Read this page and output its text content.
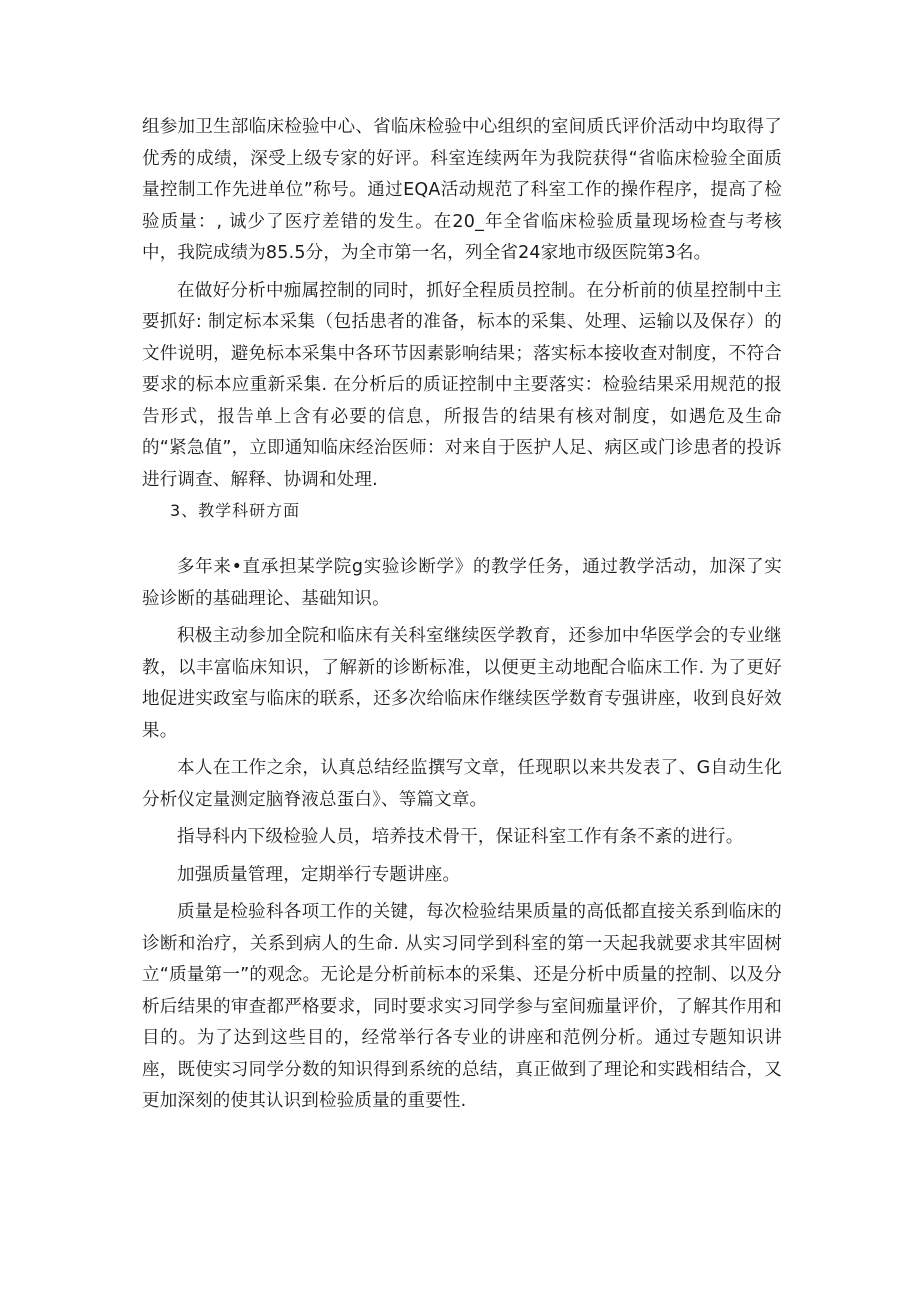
组参加卫生部临床检验中心、省临床检验中心组织的室间质氏评价活动中均取得了优秀的成绩，深受上级专家的好评。科室连续两年为我院获得“省临床检验全面质量控制工作先进单位”称号。通过EQA活动规范了科室工作的操作程序，提高了检验质量：, 诚少了医疗差错的发生。在20_年全省临床检验质量现场检查与考核中，我院成绩为85.5分，为全市第一名，列全省24家地市级医院第3名。

在做好分析中痂属控制的同时，抓好全程质员控制。在分析前的侦星控制中主要抓好: 制定标本采集（包括患者的准备，标本的采集、处理、运输以及保存）的文件说明，避免标本采集中各环节因素影响结果；落实标本接收查对制度，不符合要求的标本应重新采集. 在分析后的质证控制中主要落实：检验结果采用规范的报告形式，报告单上含有必要的信息，所报告的结果有核对制度，如遇危及生命的“紧急值”，立即通知临床经治医师：对来自于医护人足、病区或门诊患者的投诉进行调查、解释、协调和处理.

3、教学科研方面

多年来•直承担某学院g实验诊断学》的教学任务，通过教学活动，加深了实验诊断的基础理论、基础知识。

积极主动参加全院和临床有关科室继续医学教育，还参加中华医学会的专业继教，以丰富临床知识，了解新的诊断标准，以便更主动地配合临床工作. 为了更好地促进实政室与临床的联系，还多次给临床作继续医学数育专强讲座，收到良好效果。

本人在工作之余，认真总结经监撰写文章，任现职以来共发表了、G自动生化分析仪定量测定脑脊液总蛋白》、等篇文章。

指导科内下级检验人员，培养技术骨干，保证科室工作有条不紊的进行。

加强质量管理，定期举行专题讲座。

质量是检验科各项工作的关键，每次检验结果质量的高低都直接关系到临床的诊断和治疗，关系到病人的生命. 从实习同学到科室的第一天起我就要求其牢固树立“质量第一”的观念。无论是分析前标本的采集、还是分析中质量的控制、以及分析后结果的审查都严格要求，同时要求实习同学参与室间痂量评价，了解其作用和目的。为了达到这些目的，经常举行各专业的讲座和范例分析。通过专题知识讲座，既使实习同学分数的知识得到系统的总结，真正做到了理论和实践相结合，又更加深刻的使其认识到检验质量的重要性.
